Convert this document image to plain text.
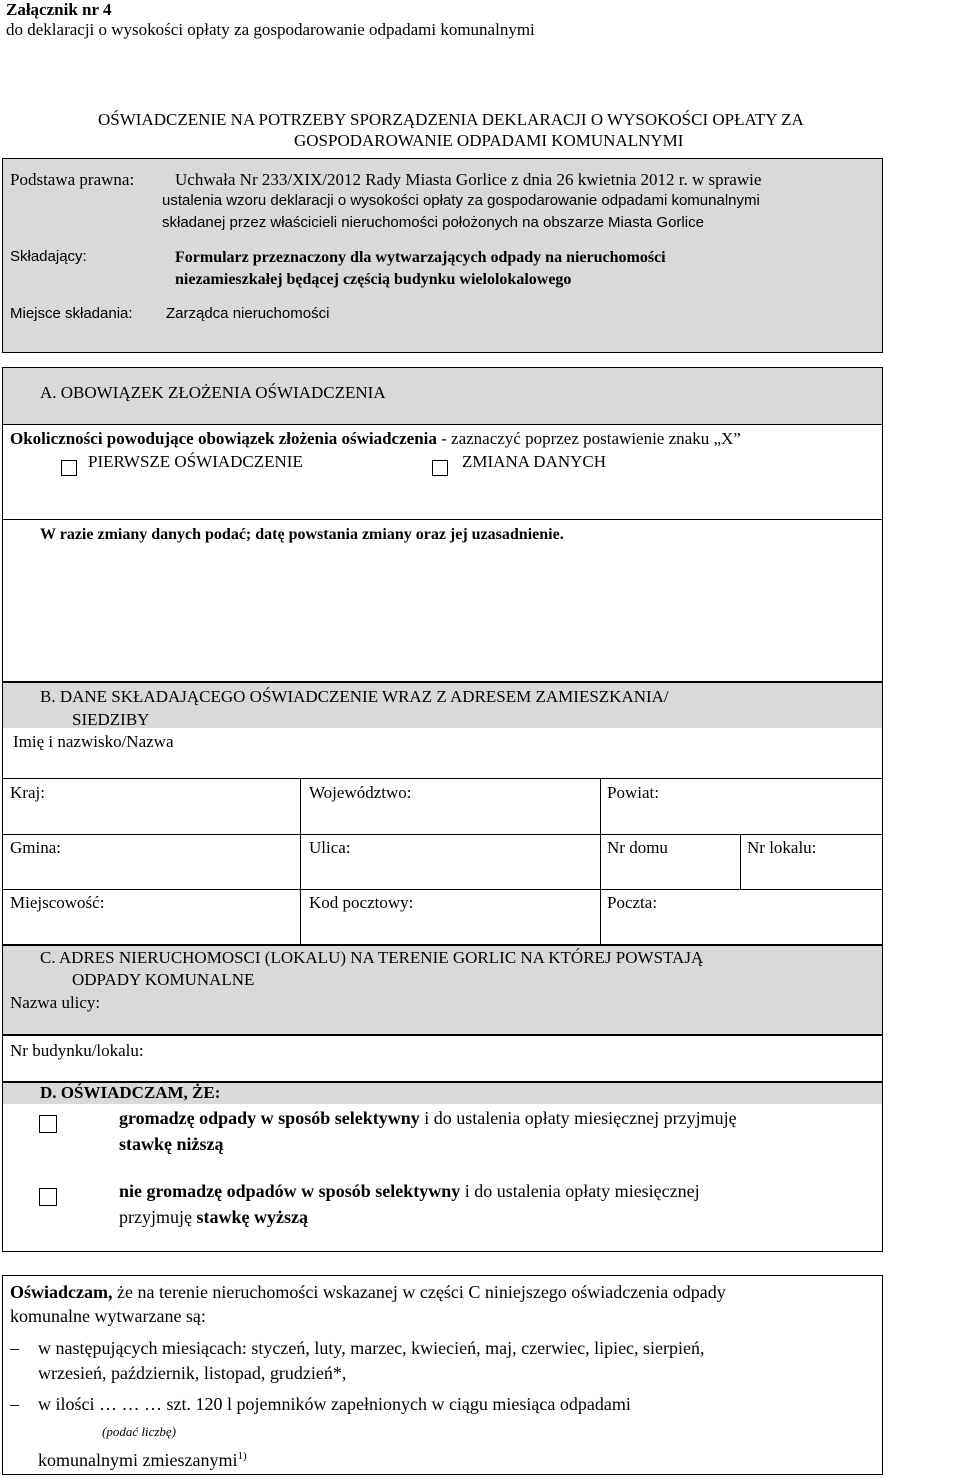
Załącznik nr 4
do deklaracji o wysokości opłaty za gospodarowanie odpadami komunalnymi
OŚWIADCZENIE NA POTRZEBY SPORZĄDZENIA DEKLARACJI O WYSOKOŚCI OPŁATY ZA
GOSPODAROWANIE ODPADAMI KOMUNALNYMI
Podstawa prawna: Uchwała Nr 233/XIX/2012 Rady Miasta Gorlice z dnia 26 kwietnia 2012 r. w sprawie
ustalenia wzoru deklaracji o wysokości opłaty za gospodarowanie odpadami komunalnymi
składanej przez właścicieli nieruchomości położonych na obszarze Miasta Gorlice
Składający:	Formularz przeznaczony dla wytwarzających odpady na nieruchomości
niezamieszkałej będącej częścią budynku wielolokalowego
Miejsce składania: Zarządca nieruchomości
A. OBOWIĄZEK ZŁOŻENIA OŚWIADCZENIA
Okoliczności powodujące obowiązek złożenia oświadczenia - zaznaczyć poprzez postawienie znaku „X”
PIERWSZE OŚWIADCZENIE	ZMIANA DANYCH
W razie zmiany danych podać; datę powstania zmiany oraz jej uzasadnienie.
B. DANE SKŁADAJĄCEGO OŚWIADCZENIE WRAZ Z ADRESEM ZAMIESZKANIA/
SIEDZIBY
Imię i nazwisko/Nazwa
Kraj:	Województwo:	Powiat:
Gmina:	Ulica:	Nr domu	Nr lokalu:
Miejscowość:	Kod pocztowy:	Poczta:
C. ADRES NIERUCHOMOSCI (LOKALU) NA TERENIE GORLIC NA KTÓREJ POWSTAJĄ
ODPADY KOMUNALNE
Nazwa ulicy:
Nr budynku/lokalu:
D. OŚWIADCZAM, ŻE:
gromadzę odpady w sposób selektywny i do ustalenia opłaty miesięcznej przyjmuję
stawkę niższą
nie gromadzę odpadów w sposób selektywny i do ustalenia opłaty miesięcznej
przyjmuję stawkę wyższą
Oświadczam, że na terenie nieruchomości wskazanej w części C niniejszego oświadczenia odpady
komunalne wytwarzane są:
– w następujących miesiącach: styczeń, luty, marzec, kwiecień, maj, czerwiec, lipiec, sierpień,
wrzesień, październik, listopad, grudzień*,
– w ilości … … … szt. 120 l pojemników zapełnionych w ciągu miesiąca odpadami
(podać liczbę)
komunalnymi zmieszanymi$^{1)}$
